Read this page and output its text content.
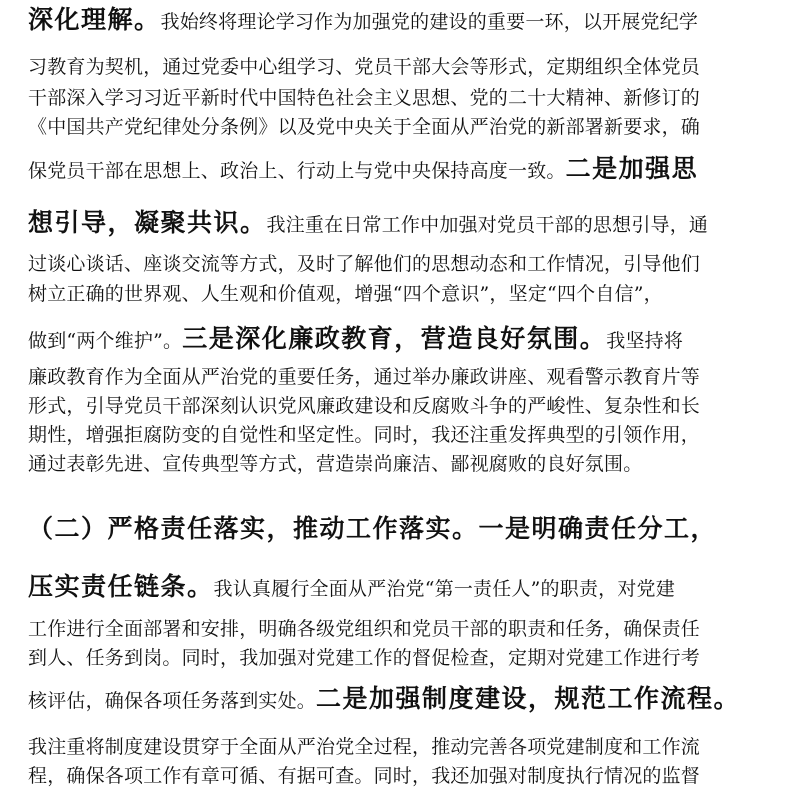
深化理解。我始终将理论学习作为加强党的建设的重要一环，以开展党纪学
习教育为契机，通过党委中心组学习、党员干部大会等形式，定期组织全体党员
干部深入学习习近平新时代中国特色社会主义思想、党的二十大精神、新修订的
《中国共产党纪律处分条例》以及党中央关于全面从严治党的新部署新要求，确
保党员干部在思想上、政治上、行动上与党中央保持高度一致。二是加强思
想引导，凝聚共识。我注重在日常工作中加强对党员干部的思想引导，通
过谈心谈话、座谈交流等方式，及时了解他们的思想动态和工作情况，引导他们
树立正确的世界观、人生观和价值观，增强“四个意识”，坚定“四个自信”，
做到“两个维护”。三是深化廉政教育，营造良好氛围。我坚持将
廉政教育作为全面从严治党的重要任务，通过举办廉政讲座、观看警示教育片等
形式，引导党员干部深刻认识党风廉政建设和反腐败斗争的严峻性、复杂性和长
期性，增强拒腐防变的自觉性和坚定性。同时，我还注重发挥典型的引领作用，
通过表彰先进、宣传典型等方式，营造崇尚廉洁、鄙视腐败的良好氛围。
（二）严格责任落实，推动工作落实。一是明确责任分工，
压实责任链条。我认真履行全面从严治党“第一责任人”的职责，对党建
工作进行全面部署和安排，明确各级党组织和党员干部的职责和任务，确保责任
到人、任务到岗。同时，我加强对党建工作的督促检查，定期对党建工作进行考
核评估，确保各项任务落到实处。二是加强制度建设，规范工作流程。
我注重将制度建设贯穿于全面从严治党全过程，推动完善各项党建制度和工作流
程，确保各项工作有章可循、有据可查。同时，我还加强对制度执行情况的监督
